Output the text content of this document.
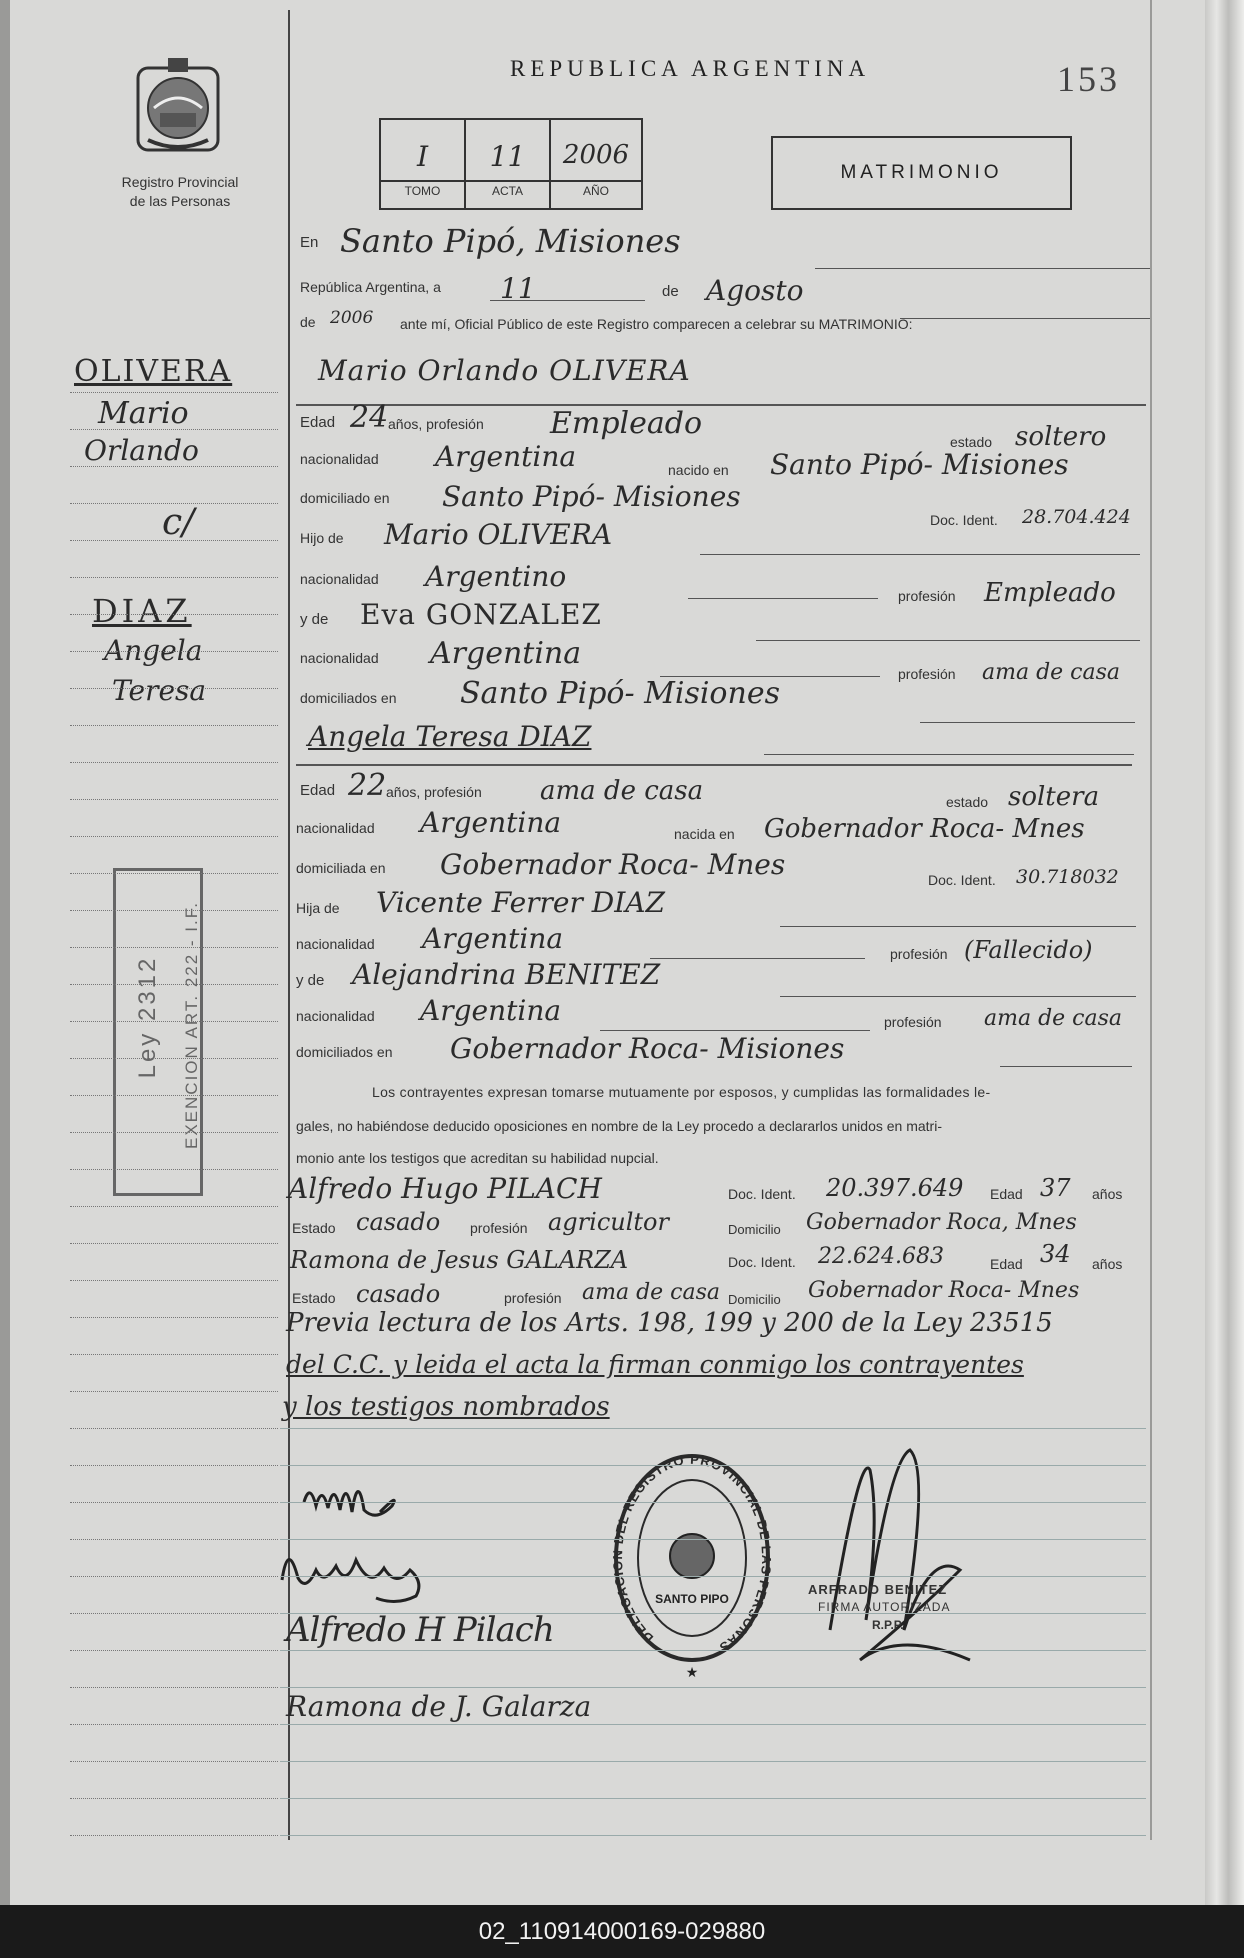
Registro Provincial
de las Personas
REPUBLICA ARGENTINA	153
I	11	2006
TOMO	ACTA	AÑO
MATRIMONIO
OLIVERA
Mario
Orlando
c/
DIAZ
Angela
Teresa
Ley 2312 EXENCION ART. 222 - I.F.
En Santo Pipó, Misiones
República Argentina, a 11	de Agosto
de 2006 ante mí, Oficial Público de este Registro comparecen a celebrar su MATRIMONIO:
Mario Orlando OLIVERA
Edad 24 años, profesión Empleado
estado soltero
nacionalidad Argentina	nacido en Santo Pipó- Misiones
domiciliado en Santo Pipó- Misiones
Doc. Ident. 28.704.424
Hijo de Mario OLIVERA
nacionalidad Argentino
profesión Empleado
y de Eva GONZALEZ
nacionalidad Argentina
profesión ama de casa
domiciliados en Santo Pipó- Misiones
Angela Teresa DIAZ
Edad 22 años, profesión ama de casa	estado soltera
nacionalidad Argentina	nacida en Gobernador Roca- Mnes
domiciliada en Gobernador Roca- Mnes	Doc. Ident. 30.718032
Hija de Vicente Ferrer DIAZ
nacionalidad Argentina	profesión (Fallecido)
y de Alejandrina BENITEZ
nacionalidad Argentina	profesión ama de casa
domiciliados en Gobernador Roca- Misiones
Los contrayentes expresan tomarse mutuamente por esposos, y cumplidas las formalidades le-
gales, no habiéndose deducido oposiciones en nombre de la Ley procedo a declararlos unidos en matri-
monio ante los testigos que acreditan su habilidad nupcial.
Alfredo Hugo PILACH	Doc. Ident. 20.397.649 Edad 37 años
Estado casado profesión agricultor	Domicilio Gobernador Roca, Mnes
Ramona de Jesus GALARZA	Doc. Ident. 22.624.683	Edad 34 años
Estado casado	profesión ama de casa Domicilio Gobernador Roca- Mnes
Previa lectura de los Arts. 198, 199 y 200 de la Ley 23515
del C.C. y leida el acta la firman conmigo los contrayentes
y los testigos nombrados
Alfredo H Pilach
Ramona de J. Galarza
DELEGACI DEL REGISTRO PROVINCIAL DE PERSONAS
★
SANTO PIPO
ARFRADO BENITEZ
FIRMA AUTORIZADA
R.P.P.
02_110914000169-029880
